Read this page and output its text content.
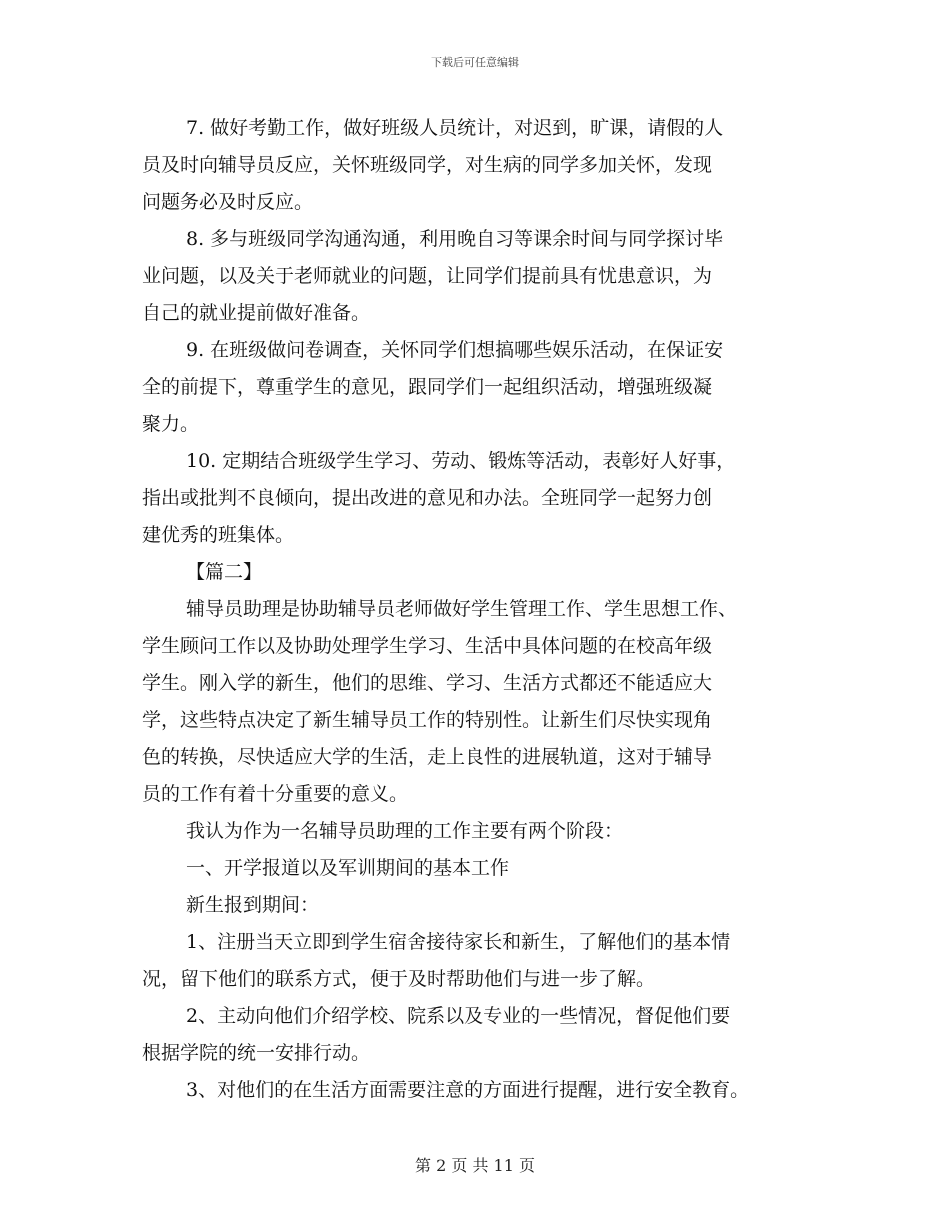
下载后可任意编辑
7. 做好考勤工作，做好班级人员统计，对迟到，旷课，请假的人
员及时向辅导员反应，关怀班级同学，对生病的同学多加关怀，发现
问题务必及时反应。
8. 多与班级同学沟通沟通，利用晚自习等课余时间与同学探讨毕
业问题，以及关于老师就业的问题，让同学们提前具有忧患意识，为
自己的就业提前做好准备。
9. 在班级做问卷调查，关怀同学们想搞哪些娱乐活动，在保证安
全的前提下，尊重学生的意见，跟同学们一起组织活动，增强班级凝
聚力。
10. 定期结合班级学生学习、劳动、锻炼等活动，表彰好人好事，
指出或批判不良倾向，提出改进的意见和办法。全班同学一起努力创
建优秀的班集体。
【篇二】
辅导员助理是协助辅导员老师做好学生管理工作、学生思想工作、
学生顾问工作以及协助处理学生学习、生活中具体问题的在校高年级
学生。刚入学的新生，他们的思维、学习、生活方式都还不能适应大
学，这些特点决定了新生辅导员工作的特别性。让新生们尽快实现角
色的转换，尽快适应大学的生活，走上良性的进展轨道，这对于辅导
员的工作有着十分重要的意义。
我认为作为一名辅导员助理的工作主要有两个阶段：
一、开学报道以及军训期间的基本工作
新生报到期间：
1、注册当天立即到学生宿舍接待家长和新生，了解他们的基本情
况，留下他们的联系方式，便于及时帮助他们与进一步了解。
2、主动向他们介绍学校、院系以及专业的一些情况，督促他们要
根据学院的统一安排行动。
3、对他们的在生活方面需要注意的方面进行提醒，进行安全教育。
第 2 页 共 11 页
